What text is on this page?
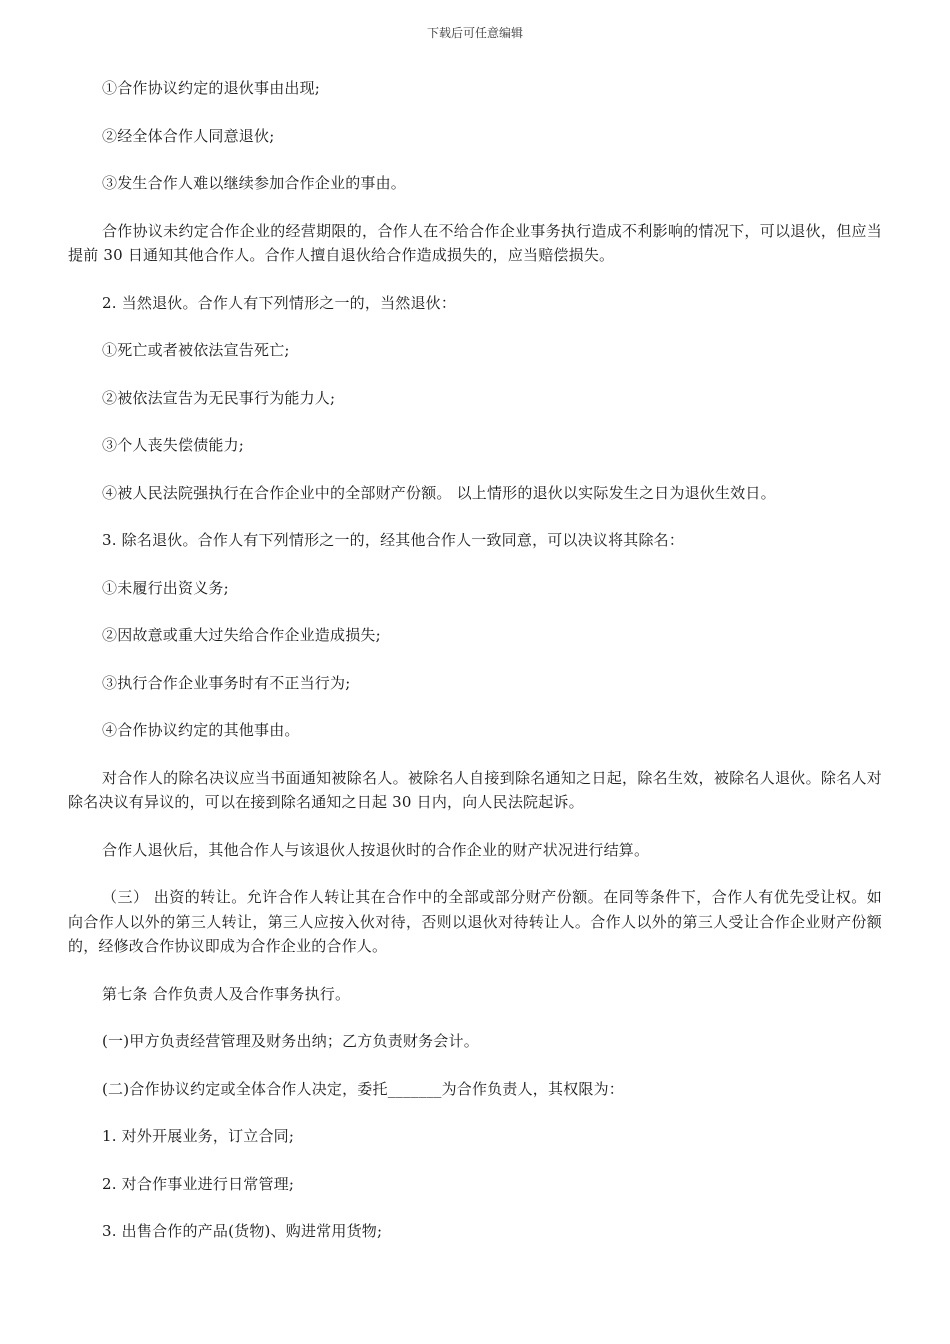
下载后可任意编辑

①合作协议约定的退伙事由出现;

②经全体合作人同意退伙;

③发生合作人难以继续参加合作企业的事由。

合作协议未约定合作企业的经营期限的，合作人在不给合作企业事务执行造成不利影响的情况下，可以退伙，但应当提前 30 日通知其他合作人。合作人擅自退伙给合作造成损失的，应当赔偿损失。

2. 当然退伙。合作人有下列情形之一的，当然退伙：

①死亡或者被依法宣告死亡;

②被依法宣告为无民事行为能力人;

③个人丧失偿债能力;

④被人民法院强执行在合作企业中的全部财产份额。 以上情形的退伙以实际发生之日为退伙生效日。

3. 除名退伙。合作人有下列情形之一的，经其他合作人一致同意，可以决议将其除名：

①未履行出资义务;

②因故意或重大过失给合作企业造成损失;

③执行合作企业事务时有不正当行为;

④合作协议约定的其他事由。

对合作人的除名决议应当书面通知被除名人。被除名人自接到除名通知之日起，除名生效，被除名人退伙。除名人对除名决议有异议的，可以在接到除名通知之日起 30 日内，向人民法院起诉。

合作人退伙后，其他合作人与该退伙人按退伙时的合作企业的财产状况进行结算。

（三） 出资的转让。允许合作人转让其在合作中的全部或部分财产份额。在同等条件下，合作人有优先受让权。如向合作人以外的第三人转让，第三人应按入伙对待，否则以退伙对待转让人。合作人以外的第三人受让合作企业财产份额的，经修改合作协议即成为合作企业的合作人。

第七条 合作负责人及合作事务执行。

(一)甲方负责经营管理及财务出纳；乙方负责财务会计。

(二)合作协议约定或全体合作人决定，委托_______为合作负责人，其权限为：

1. 对外开展业务，订立合同;

2. 对合作事业进行日常管理;

3. 出售合作的产品(货物)、购进常用货物;
